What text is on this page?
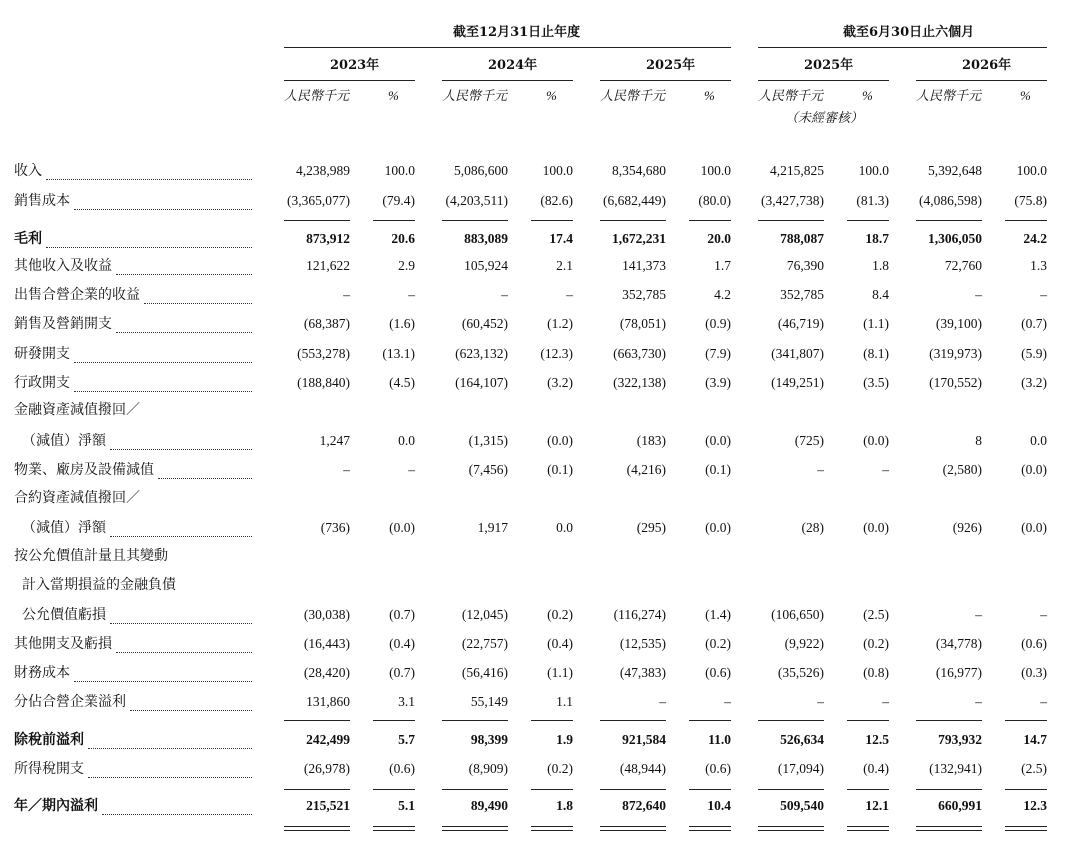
截至12月31日止年度	截至6月30日止六個月
2023年	2024年	2025年	2025年	2026年
人民幣千元	%	人民幣千元	%	人民幣千元	%	人民幣千元	%	人民幣千元	%
（未經審核）
收入	4,238,989	100.0	5,086,600	100.0	8,354,680	100.0	4,215,825	100.0	5,392,648	100.0
銷售成本	(3,365,077)	(79.4)	(4,203,511)	(82.6)	(6,682,449)	(80.0)	(3,427,738)	(81.3)	(4,086,598)	(75.8)
毛利	873,912	20.6	883,089	17.4	1,672,231	20.0	788,087	18.7	1,306,050	24.2
其他收入及收益	121,622	2.9	105,924	2.1	141,373	1.7	76,390	1.8	72,760	1.3
出售合營企業的收益	–	–	–	–	352,785	4.2	352,785	8.4	–	–
銷售及營銷開支	(68,387)	(1.6)	(60,452)	(1.2)	(78,051)	(0.9)	(46,719)	(1.1)	(39,100)	(0.7)
研發開支	(553,278)	(13.1)	(623,132)	(12.3)	(663,730)	(7.9)	(341,807)	(8.1)	(319,973)	(5.9)
行政開支	(188,840)	(4.5)	(164,107)	(3.2)	(322,138)	(3.9)	(149,251)	(3.5)	(170,552)	(3.2)
金融資產減值撥回／
（減值）淨額	1,247	0.0	(1,315)	(0.0)	(183)	(0.0)	(725)	(0.0)	8	0.0
物業、廠房及設備減值	–	–	(7,456)	(0.1)	(4,216)	(0.1)	–	–	(2,580)	(0.0)
合約資產減值撥回／
（減值）淨額	(736)	(0.0)	1,917	0.0	(295)	(0.0)	(28)	(0.0)	(926)	(0.0)
按公允價值計量且其變動
計入當期損益的金融負債
公允價值虧損	(30,038)	(0.7)	(12,045)	(0.2)	(116,274)	(1.4)	(106,650)	(2.5)	–	–
其他開支及虧損	(16,443)	(0.4)	(22,757)	(0.4)	(12,535)	(0.2)	(9,922)	(0.2)	(34,778)	(0.6)
財務成本	(28,420)	(0.7)	(56,416)	(1.1)	(47,383)	(0.6)	(35,526)	(0.8)	(16,977)	(0.3)
分佔合營企業溢利	131,860	3.1	55,149	1.1	–	–	–	–	–	–
除稅前溢利	242,499	5.7	98,399	1.9	921,584	11.0	526,634	12.5	793,932	14.7
所得稅開支	(26,978)	(0.6)	(8,909)	(0.2)	(48,944)	(0.6)	(17,094)	(0.4)	(132,941)	(2.5)
年／期內溢利	215,521	5.1	89,490	1.8	872,640	10.4	509,540	12.1	660,991	12.3
